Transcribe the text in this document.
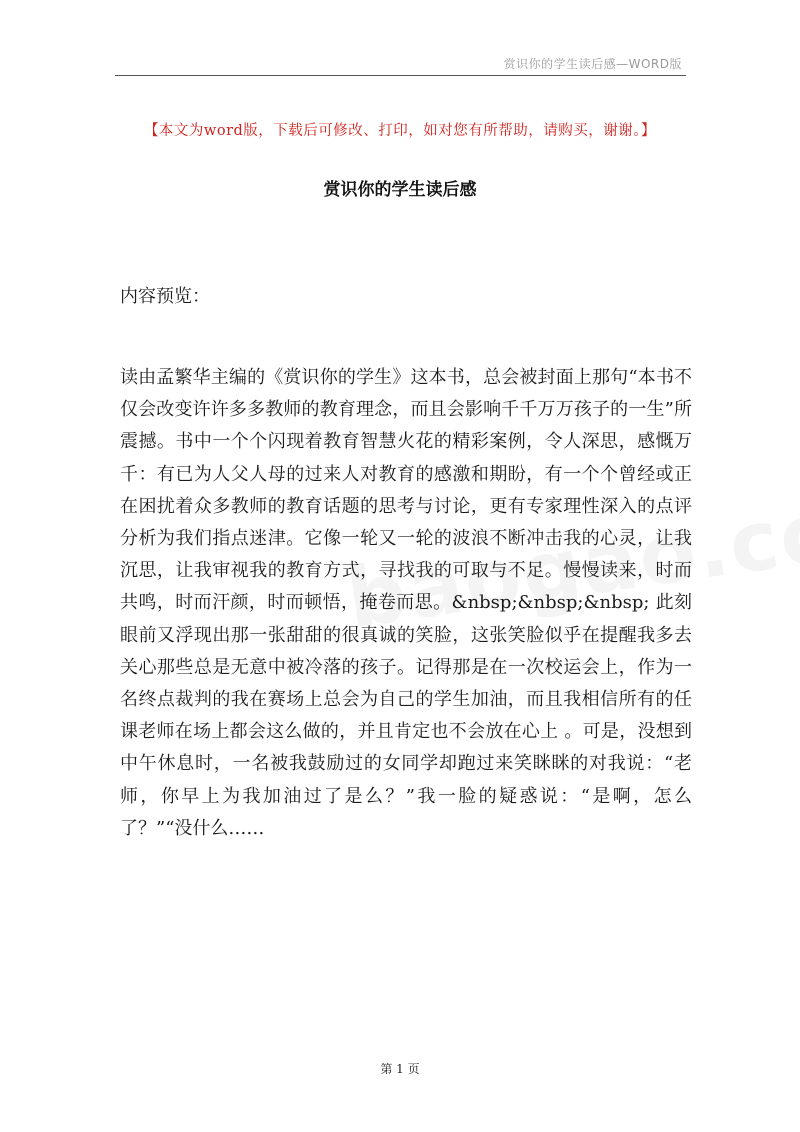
赏识你的学生读后感—WORD版
【本文为word版，下载后可修改、打印，如对您有所帮助，请购买，谢谢。】
赏识你的学生读后感
内容预览：

读由孟繁华主编的《赏识你的学生》这本书，总会被封面上那句“本书不仅会改变许许多多教师的教育理念，而且会影响千千万万孩子的一生”所震撼。书中一个个闪现着教育智慧火花的精彩案例，令人深思，感慨万千：有已为人父人母的过来人对教育的感激和期盼，有一个个曾经或正在困扰着众多教师的教育话题的思考与讨论，更有专家理性深入的点评分析为我们指点迷津。它像一轮又一轮的波浪不断冲击我的心灵，让我沉思，让我审视我的教育方式，寻找我的可取与不足。慢慢读来，时而共鸣，时而汗颜，时而顿悟，掩卷而思。&nbsp;&nbsp;&nbsp; 此刻眼前又浮现出那一张甜甜的很真诚的笑脸，这张笑脸似乎在提醒我多去关心那些总是无意中被冷落的孩子。记得那是在一次校运会上，作为一名终点裁判的我在赛场上总会为自己的学生加油，而且我相信所有的任课老师在场上都会这么做的，并且肯定也不会放在心上 。可是，没想到中午休息时，一名被我鼓励过的女同学却跑过来笑眯眯的对我说：“老师，你早上为我加油过了是么？”我一脸的疑惑说：“是啊，怎么了？”“没什么……

第 1 页
